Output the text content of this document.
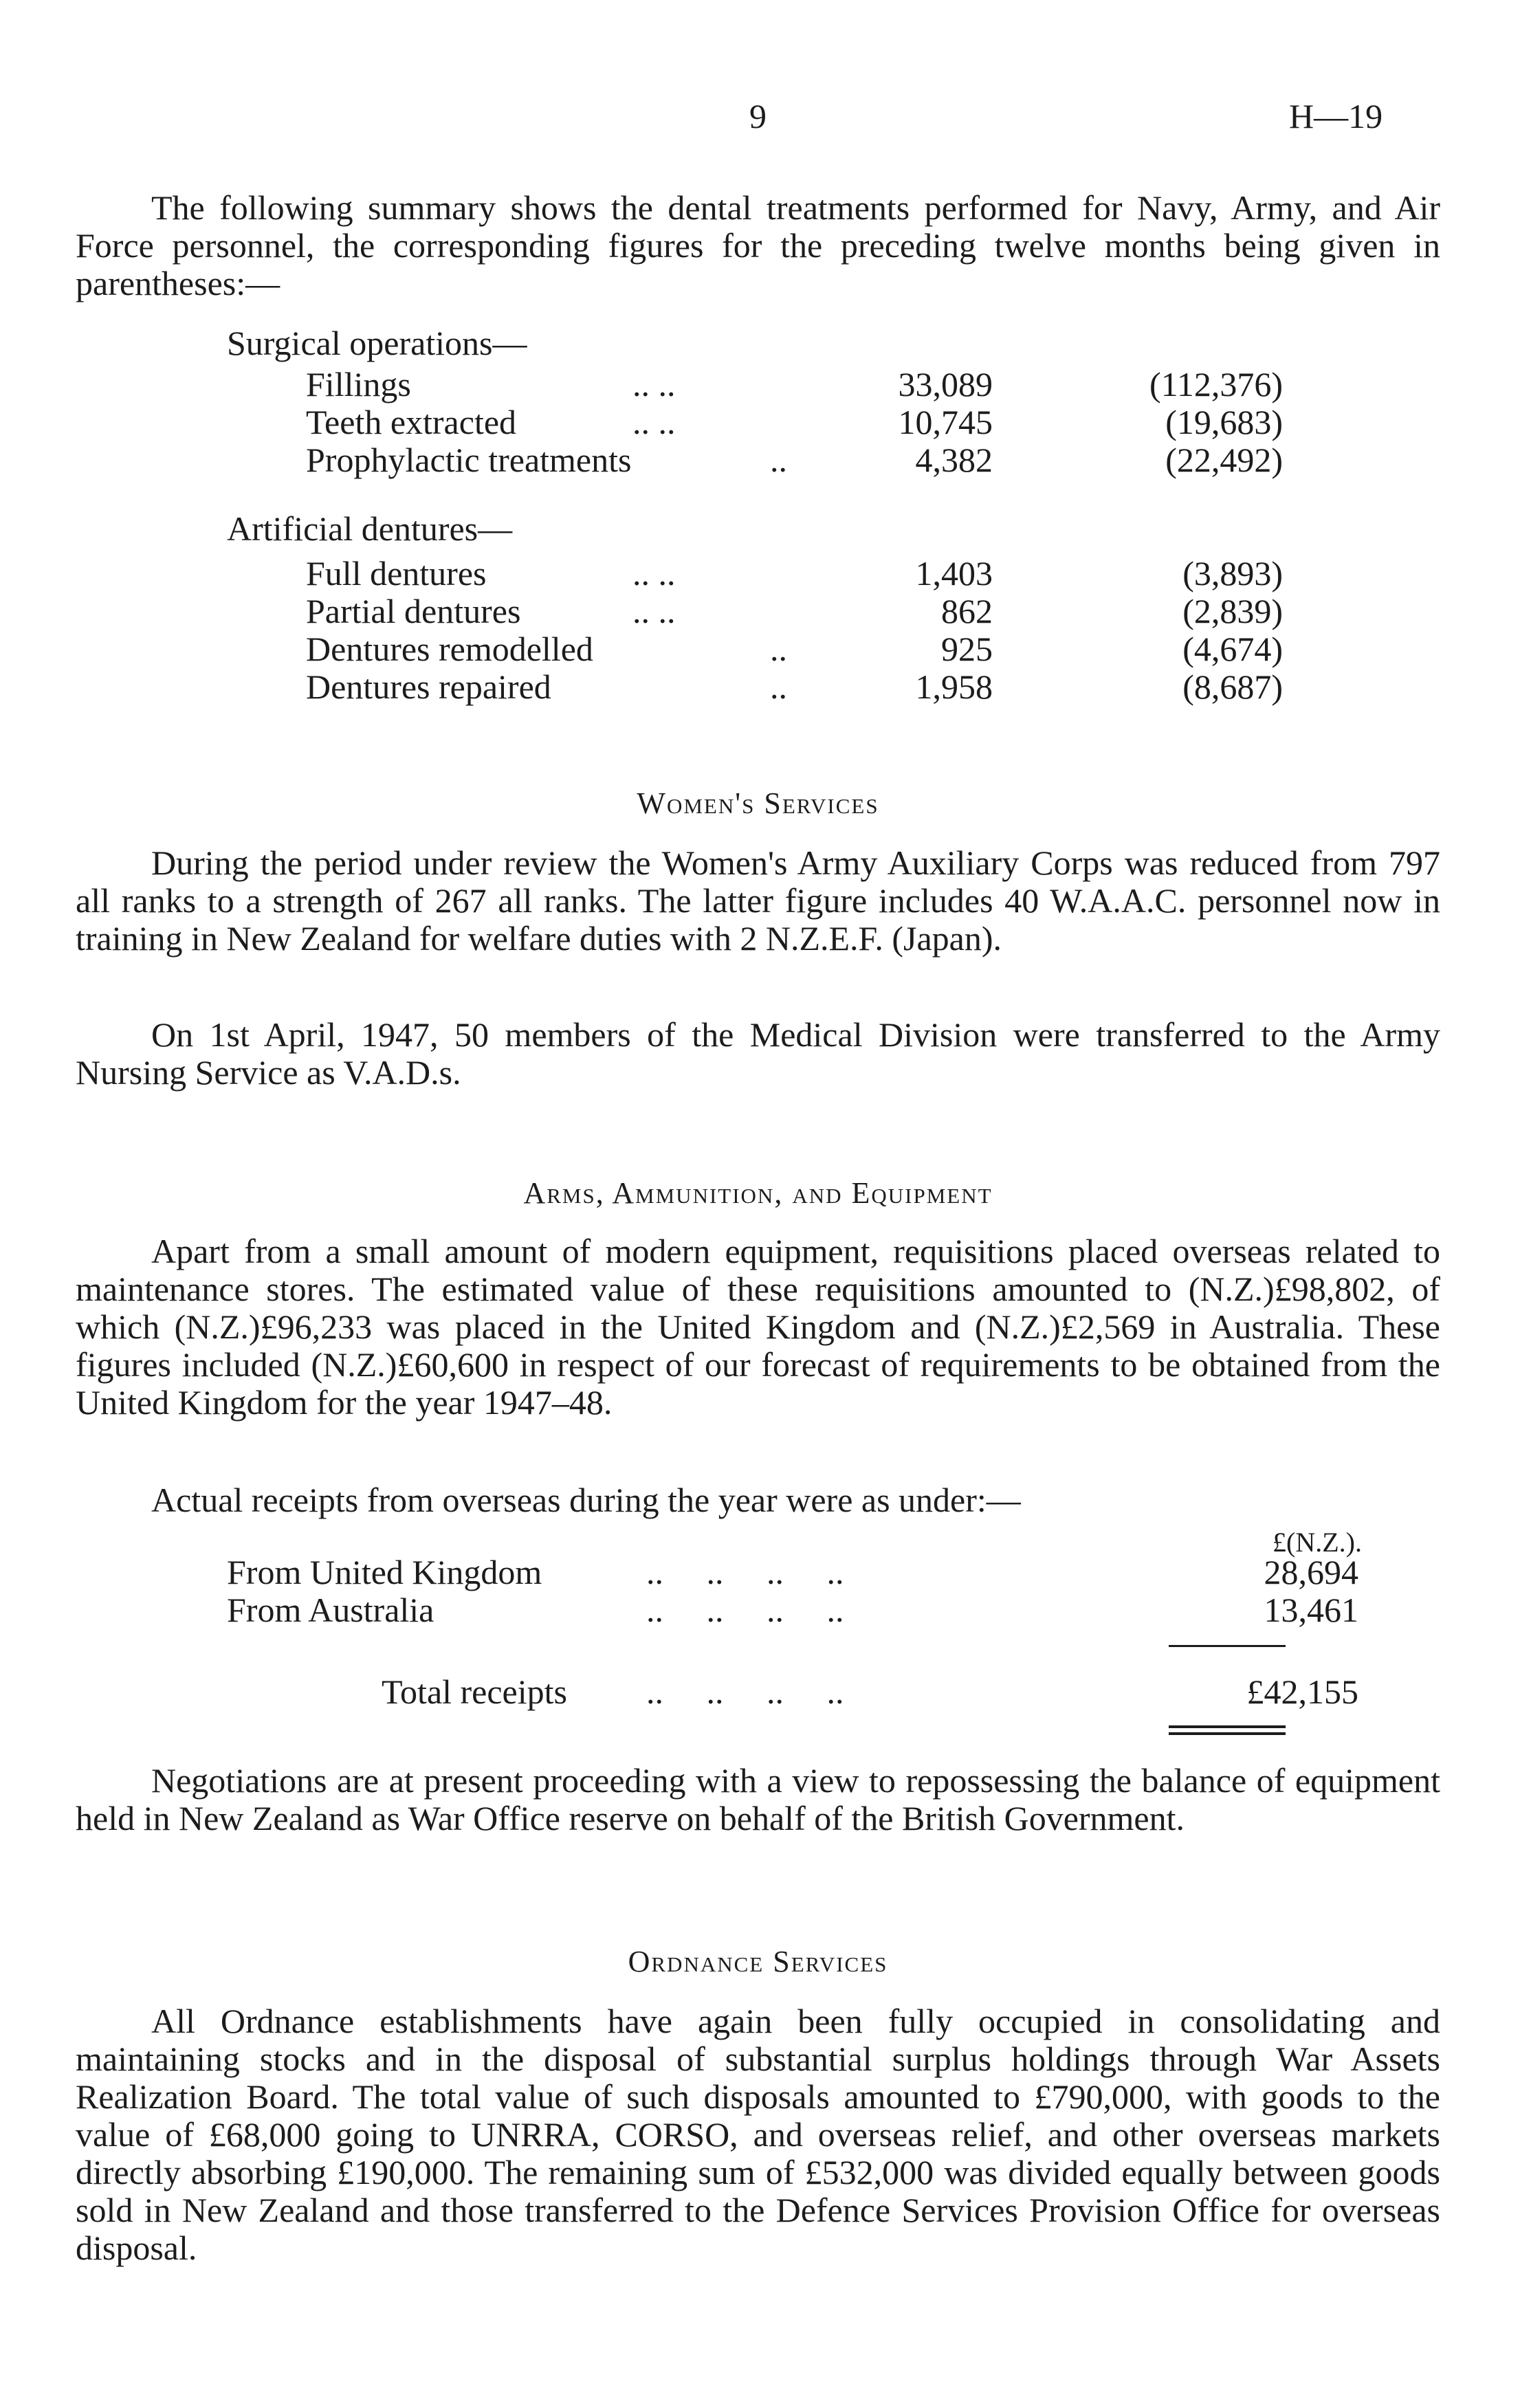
9	H—19

The following summary shows the dental treatments performed for Navy, Army, and Air Force personnel, the corresponding figures for the preceding twelve months being given in parentheses:—

Surgical operations—
Fillings	.. ..	33,089	(112,376)
Teeth extracted	.. ..	10,745	(19,683)
Prophylactic treatments	..	4,382	(22,492)
Artificial dentures—
Full dentures	.. ..	1,403	(3,893)
Partial dentures	.. ..	862	(2,839)
Dentures remodelled	..	925	(4,674)
Dentures repaired	..	1,958	(8,687)
Women's Services

During the period under review the Women's Army Auxiliary Corps was reduced from 797 all ranks to a strength of 267 all ranks. The latter figure includes 40 W.A.A.C. personnel now in training in New Zealand for welfare duties with 2 N.Z.E.F. (Japan).

On 1st April, 1947, 50 members of the Medical Division were transferred to the Army Nursing Service as V.A.D.s.

Arms, Ammunition, and Equipment

Apart from a small amount of modern equipment, requisitions placed overseas related to maintenance stores. The estimated value of these requisitions amounted to (N.Z.)£98,802, of which (N.Z.)£96,233 was placed in the United Kingdom and (N.Z.)£2,569 in Australia. These figures included (N.Z.)£60,600 in respect of our forecast of requirements to be obtained from the United Kingdom for the year 1947–48.

Actual receipts from overseas during the year were as under:—

£(N.Z.).
From United Kingdom	..     ..     ..     ..	28,694
From Australia	..     ..     ..     ..	13,461
Total receipts ..     ..     ..     ..	£42,155

Negotiations are at present proceeding with a view to repossessing the balance of equipment held in New Zealand as War Office reserve on behalf of the British Government.

Ordnance Services

All Ordnance establishments have again been fully occupied in consolidating and maintaining stocks and in the disposal of substantial surplus holdings through War Assets Realization Board. The total value of such disposals amounted to £790,000, with goods to the value of £68,000 going to UNRRA, CORSO, and overseas relief, and other overseas markets directly absorbing £190,000. The remaining sum of £532,000 was divided equally between goods sold in New Zealand and those transferred to the Defence Services Provision Office for overseas disposal.
